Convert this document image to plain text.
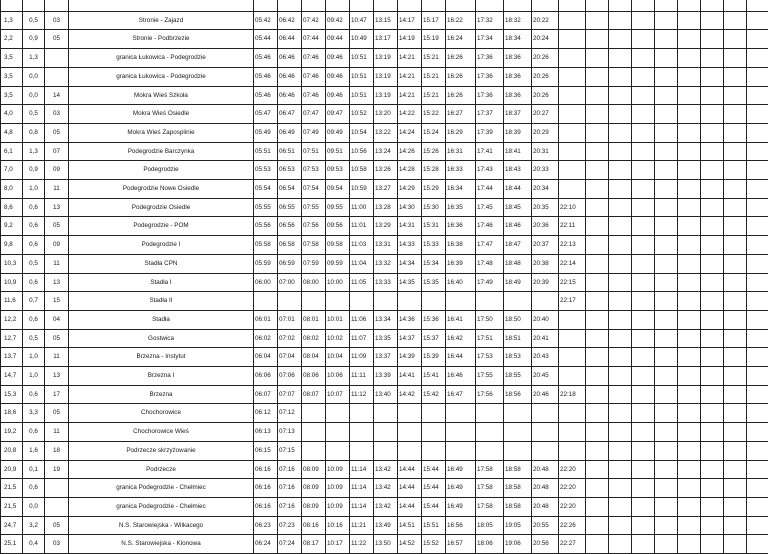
1,3	0,5	03	Stronie - Zajazd	05:42	06:42	07:42	09:42	10:47	13:15	14:17	15:17	16:22	17:32	18:32	20:22										
2,2	0,9	05	Stronie - Podbrzezie	05:44	06:44	07:44	09:44	10:49	13:17	14:19	15:19	16:24	17:34	18:34	20:24										
3,5	1,3		granica Łukowica - Podegrodzie	05:46	06:46	07:46	09:46	10:51	13:19	14:21	15:21	16:26	17:36	18:36	20:26										
3,5	0,0		granica Łukowica - Podegrodzie	05:46	06:46	07:46	09:46	10:51	13:19	14:21	15:21	16:26	17:36	18:36	20:26										
3,5	0,0	14	Mokra Wieś Szkoła	05:46	06:46	07:46	09:46	10:51	13:19	14:21	15:21	16:26	17:36	18:36	20:26										
4,0	0,5	03	Mokra Wieś Osiedle	05:47	06:47	07:47	09:47	10:52	13:20	14:22	15:22	16:27	17:37	18:37	20:27										
4,8	0,8	05	Mokra Wieś Zaposplinie	05:49	06:49	07:49	09:49	10:54	13:22	14:24	15:24	16:29	17:39	18:39	20:29										
6,1	1,3	07	Podegrodzie Barczynka	05:51	06:51	07:51	09:51	10:56	13:24	14:26	15:26	16:31	17:41	18:41	20:31										
7,0	0,9	09	Podegrodzie	05:53	06:53	07:53	09:53	10:58	13:26	14:28	15:28	16:33	17:43	18:43	20:33										
8,0	1,0	11	Podegrodzie Nowe Osiedle	05:54	06:54	07:54	09:54	10:59	13:27	14:29	15:29	16:34	17:44	18:44	20:34										
8,6	0,6	13	Podegrodzie Osiedle	05:55	06:55	07:55	09:55	11:00	13:28	14:30	15:30	16:35	17:45	18:45	20:35	22:10									
9,2	0,6	05	Podegrodzie - POM	05:56	06:56	07:56	09:56	11:01	13:29	14:31	15:31	16:36	17:46	18:46	20:36	22:11									
9,8	0,6	09	Podegrodzie I	05:58	06:58	07:58	09:58	11:03	13:31	14:33	15:33	16:38	17:47	18:47	20:37	22:13									
10,3	0,5	11	Stadła CPN	05:59	06:59	07:59	09:59	11:04	13:32	14:34	15:34	16:39	17:48	18:48	20:38	22:14									
10,9	0,6	13	Stadła I	06:00	07:00	08:00	10:00	11:05	13:33	14:35	15:35	16:40	17:49	18:49	20:39	22:15									
11,6	0,7	15	Stadła II													22:17									
12,2	0,6	04	Stadła	06:01	07:01	08:01	10:01	11:06	13:34	14:36	15:36	16:41	17:50	18:50	20:40										
12,7	0,5	05	Gostwica	06:02	07:02	08:02	10:02	11:07	13:35	14:37	15:37	16:42	17:51	18:51	20:41										
13,7	1,0	11	Brzezna - Instytut	06:04	07:04	08:04	10:04	11:09	13:37	14:39	15:39	16:44	17:53	18:53	20:43										
14,7	1,0	13	Brzezna I	06:06	07:06	08:06	10:06	11:11	13:39	14:41	15:41	16:46	17:55	18:55	20:45										
15,3	0,6	17	Brzezna	06:07	07:07	08:07	10:07	11:12	13:40	14:42	15:42	16:47	17:56	18:56	20:46	22:18									
18,6	3,3	05	Chochorowice	06:12	07:12																				
19,2	0,6	11	Chochorowice Wieś	06:13	07:13																				
20,8	1,6	18	Podrzecze skrzyżowanie	06:15	07:15																				
20,9	0,1	19	Podrzecze	06:16	07:16	08:09	10:09	11:14	13:42	14:44	15:44	16:49	17:58	18:58	20:48	22:20									
21,5	0,6		granica Podegrodzie - Chełmiec	06:16	07:16	08:09	10:09	11:14	13:42	14:44	15:44	16:49	17:58	18:58	20:48	22:20									
21,5	0,0		granica Podegrodzie - Chełmiec	06:16	07:16	08:09	10:09	11:14	13:42	14:44	15:44	16:49	17:58	18:58	20:48	22:20									
24,7	3,2	05	N.S. Starowiejska - Wilkacego	06:23	07:23	08:16	10:16	11:21	13:49	14:51	15:51	16:56	18:05	19:05	20:55	22:26									
25,1	0,4	03	N.S. Starowiejska - Klonowa	06:24	07:24	08:17	10:17	11:22	13:50	14:52	15:52	16:57	18:06	19:06	20:56	22:27									
